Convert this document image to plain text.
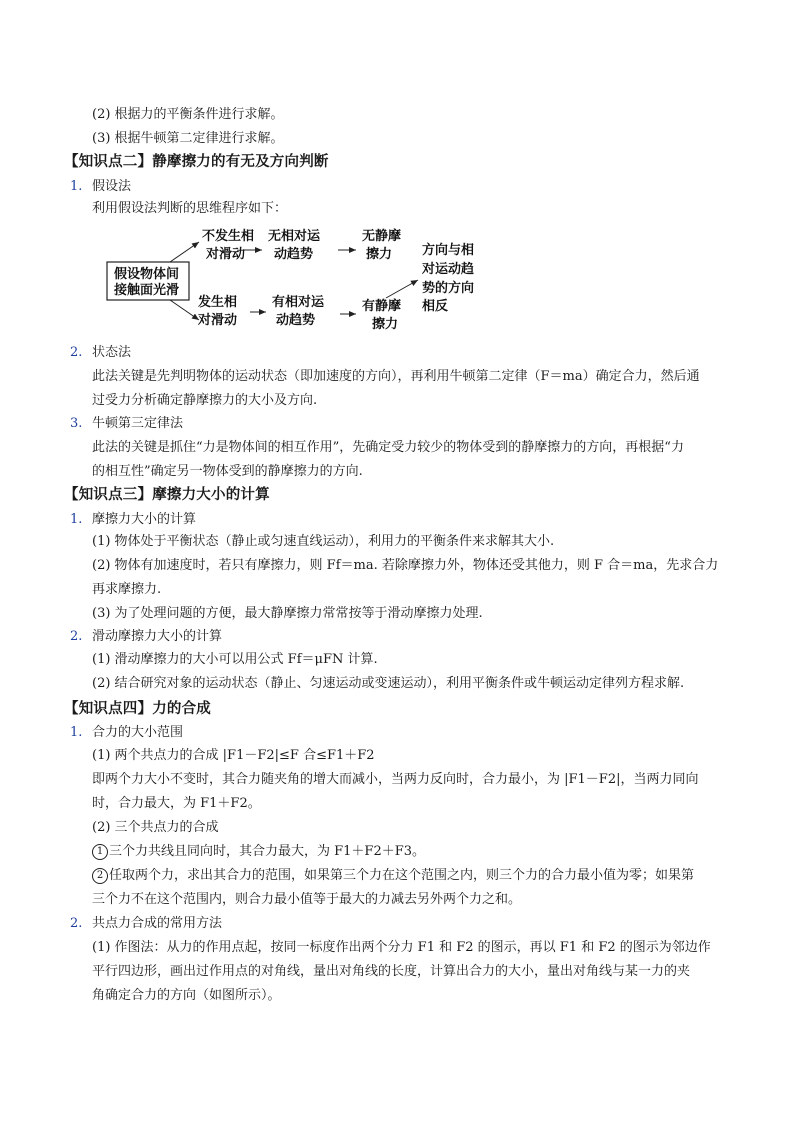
(2) 根据力的平衡条件进行求解。
(3) 根据牛顿第二定律进行求解。
【知识点二】静摩擦力的有无及方向判断
1. 假设法
利用假设法判断的思维程序如下：
假设物体间
接触面光滑
不发生相
对滑动
无相对运
动趋势
无静摩
擦力
发生相
对滑动
有相对运
动趋势
有静摩
擦力
方向与相
对运动趋
势的方向
相反
2. 状态法
此法关键是先判明物体的运动状态（即加速度的方向），再利用牛顿第二定律（F＝ma）确定合力，然后通
过受力分析确定静摩擦力的大小及方向.
3. 牛顿第三定律法
此法的关键是抓住“力是物体间的相互作用”，先确定受力较少的物体受到的静摩擦力的方向，再根据“力
的相互性”确定另一物体受到的静摩擦力的方向.
【知识点三】摩擦力大小的计算
1. 摩擦力大小的计算
(1) 物体处于平衡状态（静止或匀速直线运动），利用力的平衡条件来求解其大小.
(2) 物体有加速度时，若只有摩擦力，则 Ff＝ma. 若除摩擦力外，物体还受其他力，则 F 合＝ma，先求合力
再求摩擦力.
(3) 为了处理问题的方便，最大静摩擦力常常按等于滑动摩擦力处理.
2. 滑动摩擦力大小的计算
(1) 滑动摩擦力的大小可以用公式 Ff＝μFN 计算.
(2) 结合研究对象的运动状态（静止、匀速运动或变速运动），利用平衡条件或牛顿运动定律列方程求解.
【知识点四】力的合成
1. 合力的大小范围
(1) 两个共点力的合成 |F1－F2|≤F 合≤F1＋F2
即两个力大小不变时，其合力随夹角的增大而减小，当两力反向时，合力最小，为 |F1－F2|，当两力同向
时，合力最大，为 F1＋F2。
(2) 三个共点力的合成
1 三个力共线且同向时，其合力最大，为 F1＋F2＋F3。
2 任取两个力，求出其合力的范围，如果第三个力在这个范围之内，则三个力的合力最小值为零；如果第
三个力不在这个范围内，则合力最小值等于最大的力减去另外两个力之和。
2. 共点力合成的常用方法
(1) 作图法：从力的作用点起，按同一标度作出两个分力 F1 和 F2 的图示，再以 F1 和 F2 的图示为邻边作
平行四边形，画出过作用点的对角线，量出对角线的长度，计算出合力的大小，量出对角线与某一力的夹
角确定合力的方向（如图所示）。
